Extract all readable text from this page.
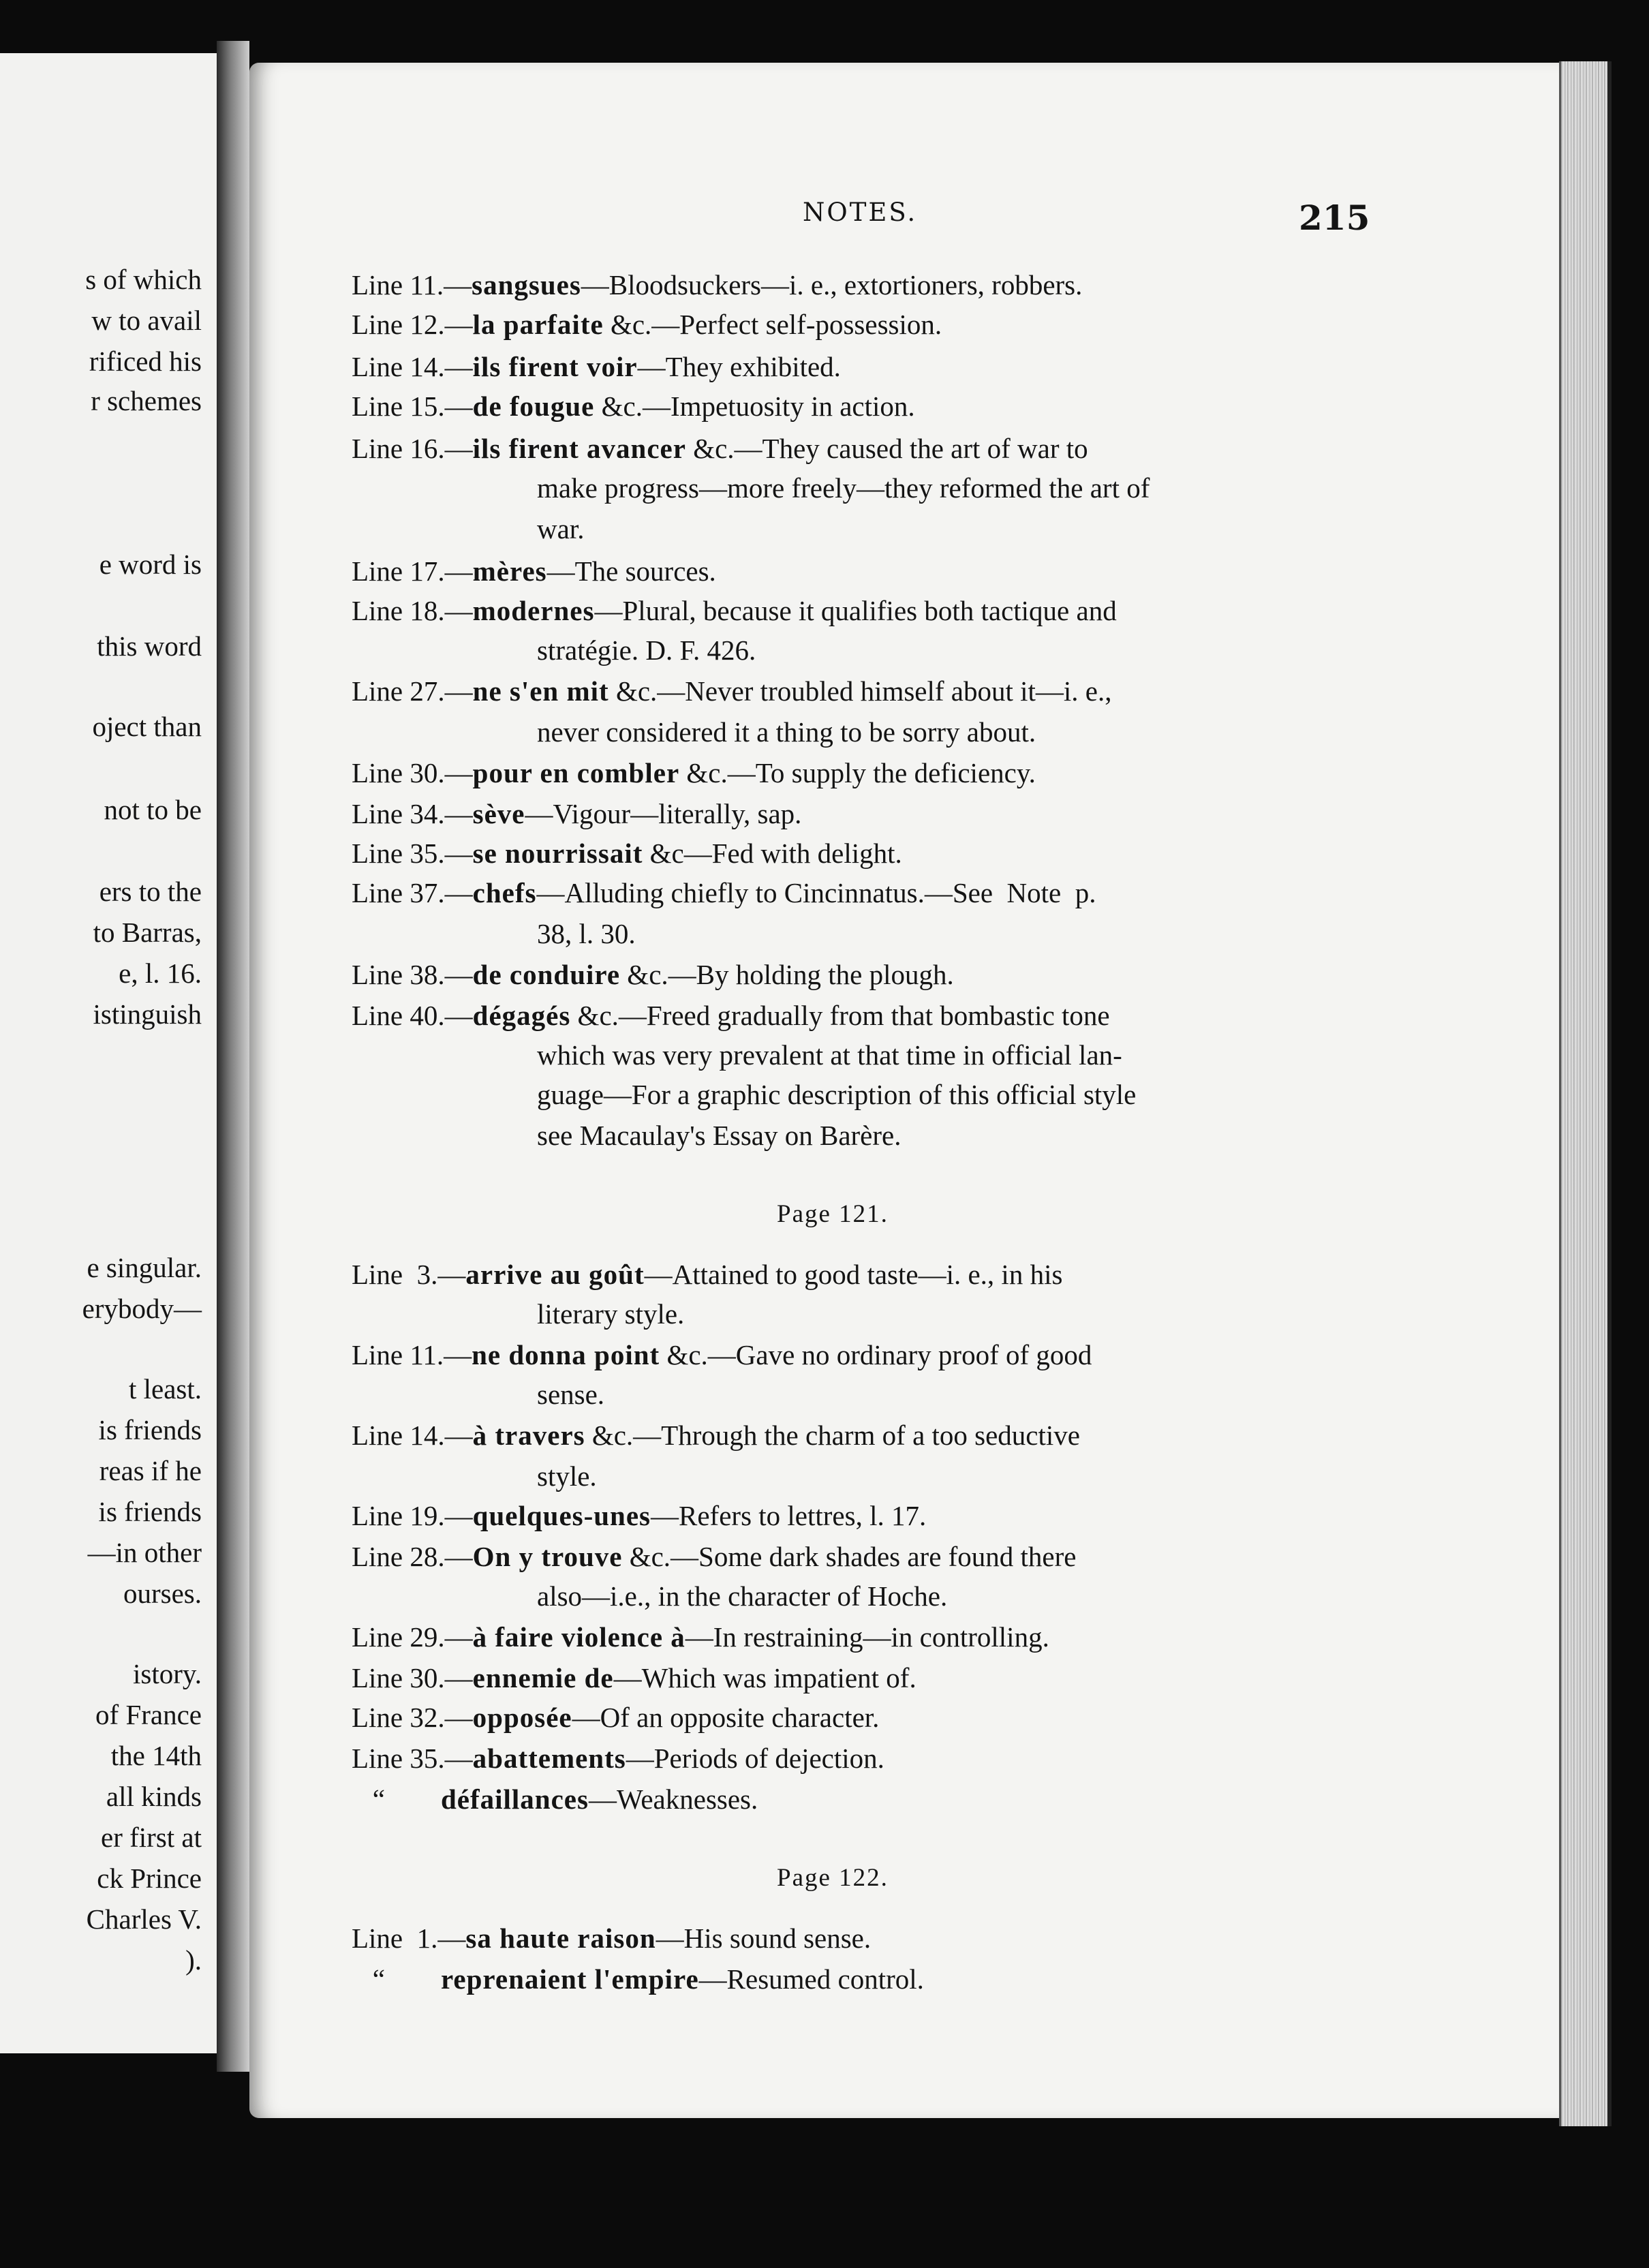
s of which
w to avail
rificed his
r schemes
e word is
this word
oject than
not to be
ers to the
to Barras,
e, l. 16.
istinguish
e singular.
erybody—
t least.
is friends
reas if he
is friends
—in other
ourses.
istory.
of France
the 14th
all kinds
er first at
ck Prince
Charles V.
).
NOTES.	215
Line 11.—sangsues—Bloodsuckers—i. e., extortioners, robbers.
Line 12.—la parfaite &c.—Perfect self-possession.
Line 14.—ils firent voir—They exhibited.
Line 15.—de fougue &c.—Impetuosity in action.
Line 16.—ils firent avancer &c.—They caused the art of war to
make progress—more freely—they reformed the art of
war.
Line 17.—mères—The sources.
Line 18.—modernes—Plural, because it qualifies both tactique and
stratégie. D. F. 426.
Line 27.—ne s'en mit &c.—Never troubled himself about it—i. e.,
never considered it a thing to be sorry about.
Line 30.—pour en combler &c.—To supply the deficiency.
Line 34.—sève—Vigour—literally, sap.
Line 35.—se nourrissait &c—Fed with delight.
Line 37.—chefs—Alluding chiefly to Cincinnatus.—See  Note  p.
38, l. 30.
Line 38.—de conduire &c.—By holding the plough.
Line 40.—dégagés &c.—Freed gradually from that bombastic tone
which was very prevalent at that time in official lan-
guage—For a graphic description of this official style
see Macaulay's Essay on Barère.
Page 121.
Line  3.—arrive au goût—Attained to good taste—i. e., in his
literary style.
Line 11.—ne donna point &c.—Gave no ordinary proof of good
sense.
Line 14.—à travers &c.—Through the charm of a too seductive
style.
Line 19.—quelques-unes—Refers to lettres, l. 17.
Line 28.—On y trouve &c.—Some dark shades are found there
also—i.e., in the character of Hoche.
Line 29.—à faire violence à—In restraining—in controlling.
Line 30.—ennemie de—Which was impatient of.
Line 32.—opposée—Of an opposite character.
Line 35.—abattements—Periods of dejection.
“        défaillances—Weaknesses.
Page 122.
Line  1.—sa haute raison—His sound sense.
“        reprenaient l'empire—Resumed control.
